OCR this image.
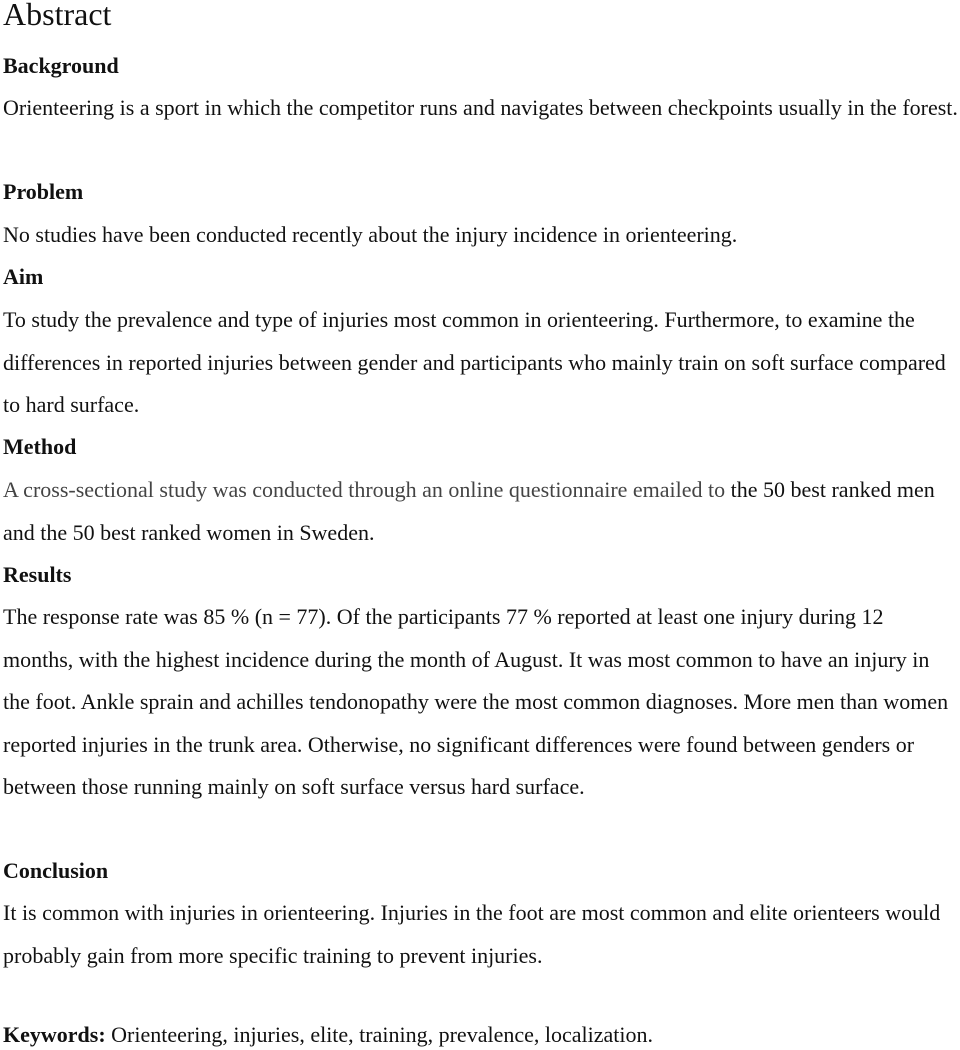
Abstract
Background

Orienteering is a sport in which the competitor runs and navigates between checkpoints usually in the forest.

Problem

No studies have been conducted recently about the injury incidence in orienteering.

Aim

To study the prevalence and type of injuries most common in orienteering. Furthermore, to examine the differences in reported injuries between gender and participants who mainly train on soft surface compared to hard surface.

Method

A cross-sectional study was conducted through an online questionnaire emailed to the 50 best ranked men and the 50 best ranked women in Sweden.

Results

The response rate was 85 % (n = 77). Of the participants 77 % reported at least one injury during 12 months, with the highest incidence during the month of August. It was most common to have an injury in the foot. Ankle sprain and achilles tendonopathy were the most common diagnoses. More men than women reported injuries in the trunk area. Otherwise, no significant differences were found between genders or between those running mainly on soft surface versus hard surface.

Conclusion

It is common with injuries in orienteering. Injuries in the foot are most common and elite orienteers would probably gain from more specific training to prevent injuries.

Keywords: Orienteering, injuries, elite, training, prevalence, localization.
